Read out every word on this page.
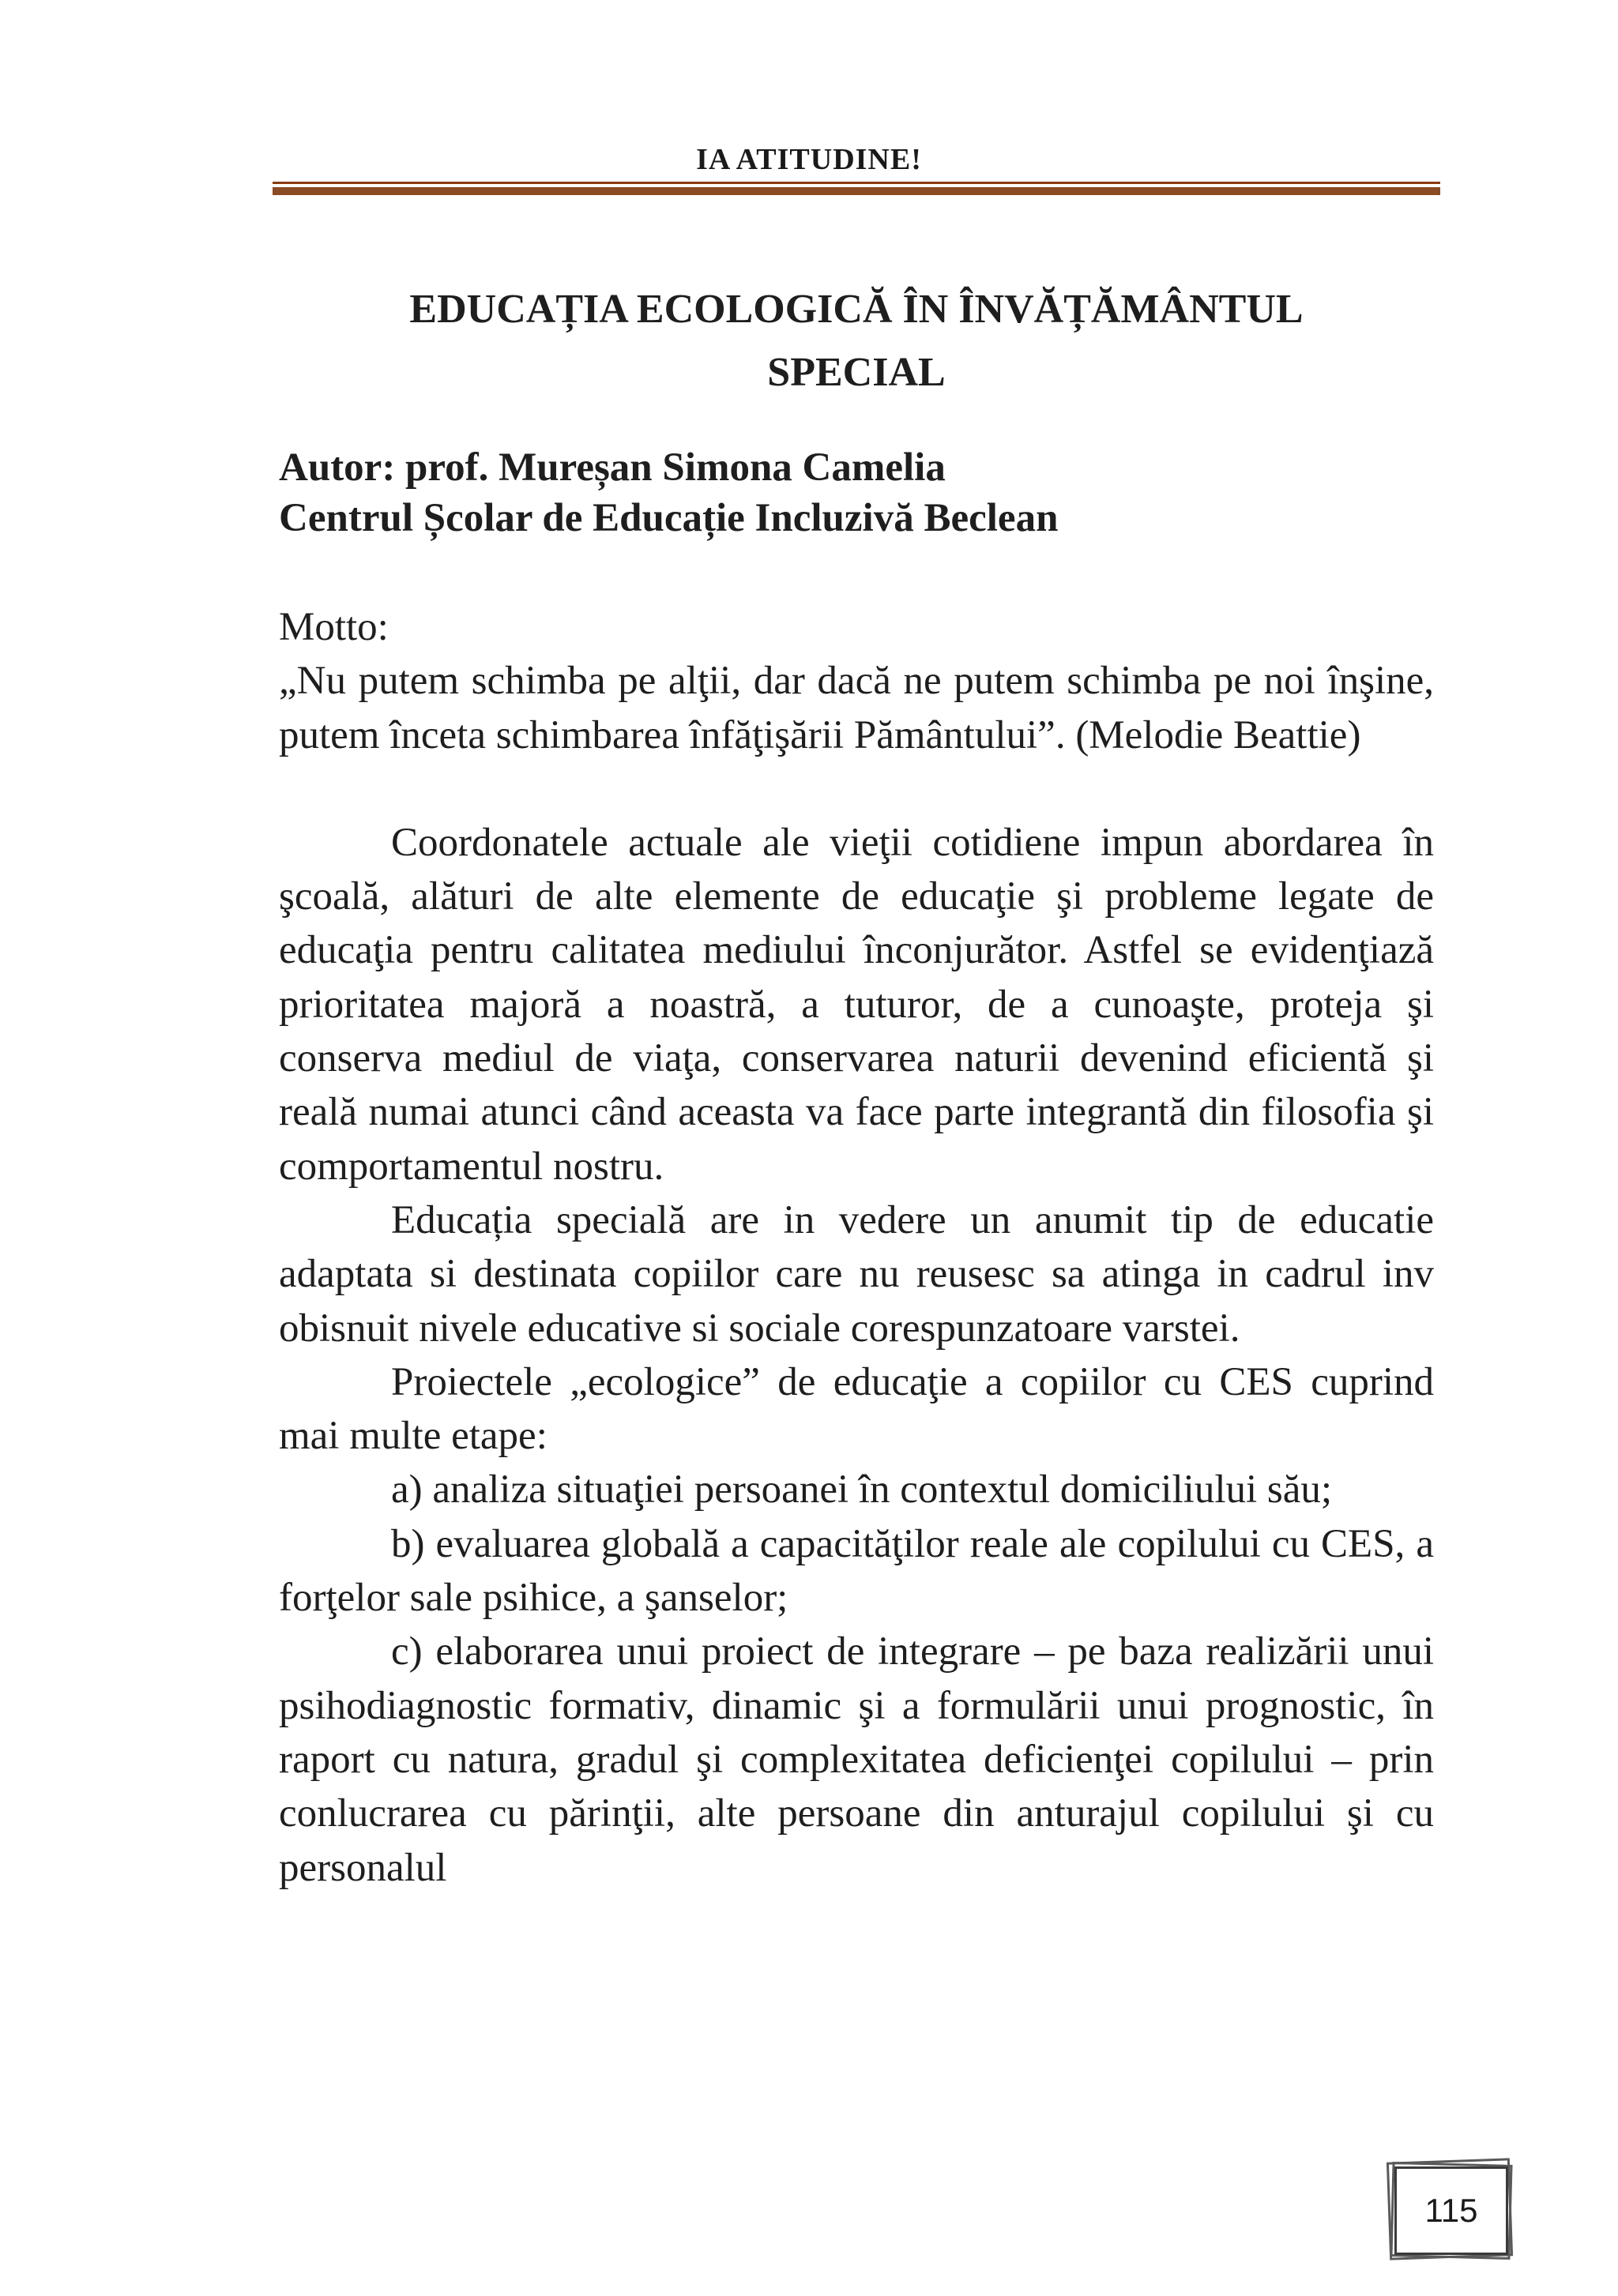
IA ATITUDINE!
EDUCAȚIA ECOLOGICĂ ÎN ÎNVĂȚĂMÂNTUL
SPECIAL
Autor: prof. Mureșan Simona Camelia
Centrul Școlar de Educație Incluzivă Beclean

Motto:

„Nu putem schimba pe alţii, dar dacă ne putem schimba pe noi înşine, putem înceta schimbarea înfăţişării Pământului”. (Melodie Beattie)

Coordonatele actuale ale vieţii cotidiene impun abordarea în şcoală, alături de alte elemente de educaţie şi probleme legate de educaţia pentru calitatea mediului înconjurător. Astfel se evidenţiază prioritatea majoră a noastră, a tuturor, de a cunoaşte, proteja şi conserva mediul de viaţa, conservarea naturii devenind eficientă şi reală numai atunci când aceasta va face parte integrantă din filosofia şi comportamentul nostru.

Educația specială are in vedere un anumit tip de educatie adaptata si destinata copiilor care nu reusesc sa atinga in cadrul inv obisnuit nivele educative si sociale corespunzatoare varstei.

Proiectele „ecologice” de educaţie a copiilor cu CES cuprind mai multe etape:

a) analiza situaţiei persoanei în contextul domiciliului său;

b) evaluarea globală a capacităţilor reale ale copilului cu CES, a forţelor sale psihice, a şanselor;

c) elaborarea unui proiect de integrare – pe baza realizării unui psihodiagnostic formativ, dinamic şi a formulării unui prognostic, în raport cu natura, gradul şi complexitatea deficienţei copilului – prin conlucrarea cu părinţii, alte persoane din anturajul copilului şi cu personalul

115
